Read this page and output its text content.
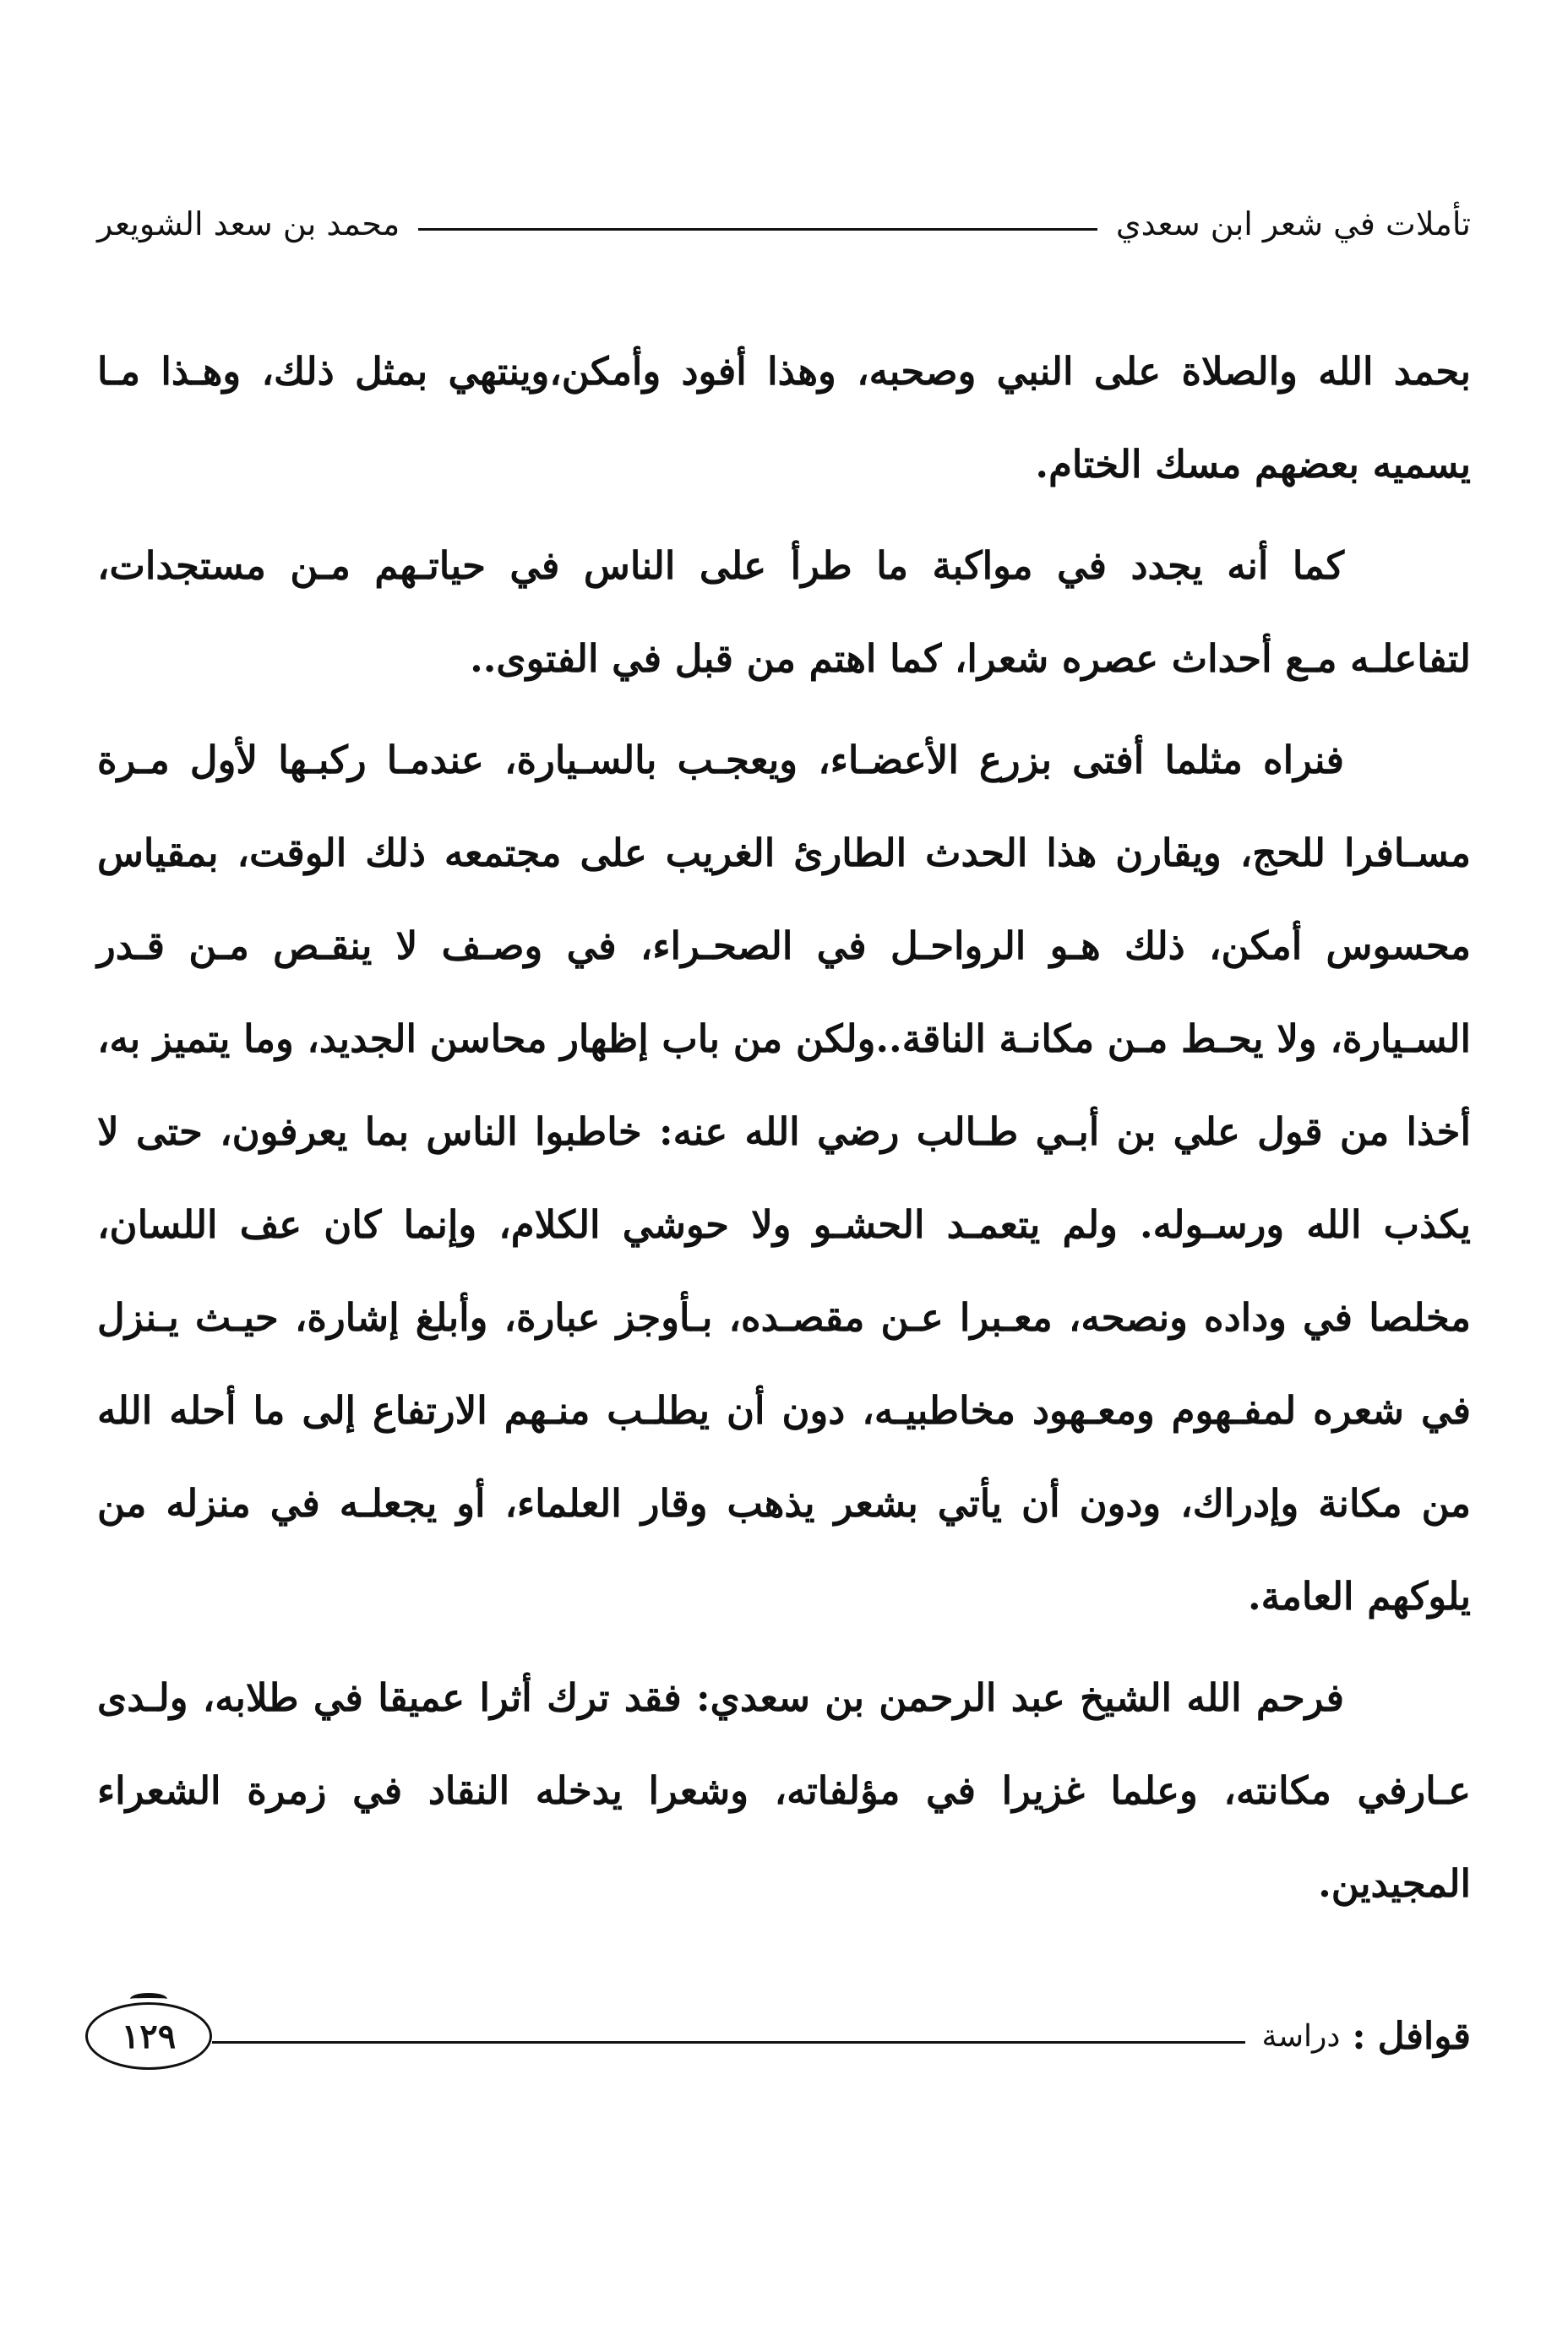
تأملات في شعر ابن سعدي
محمد بن سعد الشويعر

بحمد الله والصلاة على النبي وصحبه، وهذا أفود وأمكن،وينتهي بمثل ذلك، وهـذا مـا يسميه بعضهم مسك الختام.

كما أنه يجدد في مواكبة ما طرأ على الناس في حياتـهم مـن مستجدات، لتفاعلـه مـع أحداث عصره شعرا، كما اهتم من قبل في الفتوى..

فنراه مثلما أفتى بزرع الأعضـاء، ويعجـب بالسـيارة، عندمـا ركبـها لأول مـرة مسـافرا للحج، ويقارن هذا الحدث الطارئ الغريب على مجتمعه ذلك الوقت، بمقياس محسوس أمكن، ذلك هـو الرواحـل في الصحـراء، في وصـف لا ينقـص مـن قـدر السـيارة، ولا يحـط مـن مكانـة الناقة..ولكن من باب إظهار محاسن الجديد، وما يتميز به، أخذا من قول علي بن أبـي طـالب رضي الله عنه: خاطبوا الناس بما يعرفون، حتى لا يكذب الله ورسـوله. ولم يتعمـد الحشـو ولا حوشي الكلام، وإنما كان عف اللسان، مخلصا في وداده ونصحه، معـبرا عـن مقصـده، بـأوجز عبارة، وأبلغ إشارة، حيـث يـنزل في شعره لمفـهوم ومعـهود مخاطبيـه، دون أن يطلـب منـهم الارتفاع إلى ما أحله الله من مكانة وإدراك، ودون أن يأتي بشعر يذهب وقار العلماء، أو يجعلـه في منزله من يلوكهم العامة.

فرحم الله الشيخ عبد الرحمن بن سعدي: فقد ترك أثرا عميقا في طلابه، ولـدى عـارفي مكانته، وعلما غزيرا في مؤلفاته، وشعرا يدخله النقاد في زمرة الشعراء المجيدين.

قوافل
:
دراسة
١٢٩
